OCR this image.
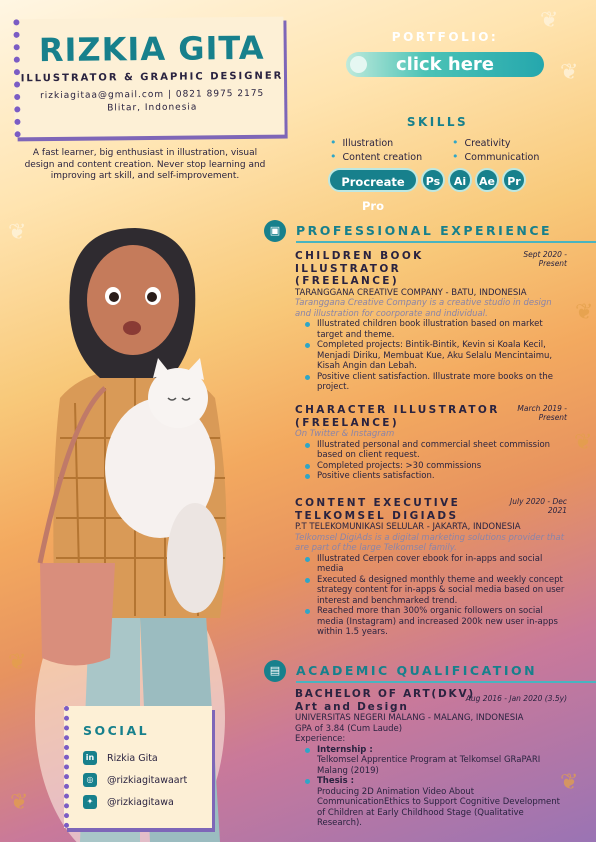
❦
❦
❦
❦
❦
❦
❦
❦
RIZKIA GITA
ILLUSTRATOR & GRAPHIC DESIGNER
rizkiagitaa@gmail.com | 0821 8975 2175
Blitar, Indonesia
A fast learner, big enthusiast in illustration, visual design and content creation. Never stop learning and improving art skill, and self-improvement.
PORTFOLIO:
click here
SKILLS
• Illustration	• Creativity
• Content creation	• Communication
Procreate Pro
Ps	Ai	Ae	Pr
▣	PROFESSIONAL EXPERIENCE
CHILDREN BOOK ILLUSTRATOR (FREELANCE)
Sept 2020 - Present
TARANGGANA CREATIVE COMPANY - BATU, INDONESIA
Taranggana Creative Company is a creative studio in design and illustration for coorporate and individual.
Illustrated children book illustration based on market target and theme.
Completed projects: Bintik-Bintik, Kevin si Koala Kecil, Menjadi Diriku, Membuat Kue, Aku Selalu Mencintaimu, Kisah Angin dan Lebah.
Positive client satisfaction. Illustrate more books on the project.
CHARACTER ILLUSTRATOR (FREELANCE)
March 2019 - Present
On Twitter & Instagram
Illustrated personal and commercial sheet commission based on client request.
Completed projects: >30 commissions
Positive clients satisfaction.
CONTENT EXECUTIVE TELKOMSEL DIGIADS
July 2020 - Dec 2021
P.T TELEKOMUNIKASI SELULAR - JAKARTA, INDONESIA
Telkomsel DigiAds is a digital marketing solutions provider that are part of the large Telkomsel family.
Illustrated Cerpen cover ebook for in-apps and social media
Executed & designed monthly theme and weekly concept strategy content for in-apps & social media based on user interest and benchmarked trend.
Reached more than 300% organic followers on social media (Instagram) and increased 200k new user in-apps within 1.5 years.
▤	ACADEMIC QUALIFICATION
BACHELOR OF ART(DKV)
Art and Design
Aug 2016 - Jan 2020 (3.5y)
UNIVERSITAS NEGERI MALANG - MALANG, INDONESIA
GPA of 3.84 (Cum Laude)
Experience:
Internship :
Telkomsel Apprentice Program at Telkomsel GRaPARI Malang (2019)
Thesis :
Producing 2D Animation Video About CommunicationEthics to Support Cognitive Development of Children at Early Childhood Stage (Qualitative Research).
SOCIAL
in Rizkia Gita
◎	@rizkiagitawaart
✦	@rizkiagitawa
